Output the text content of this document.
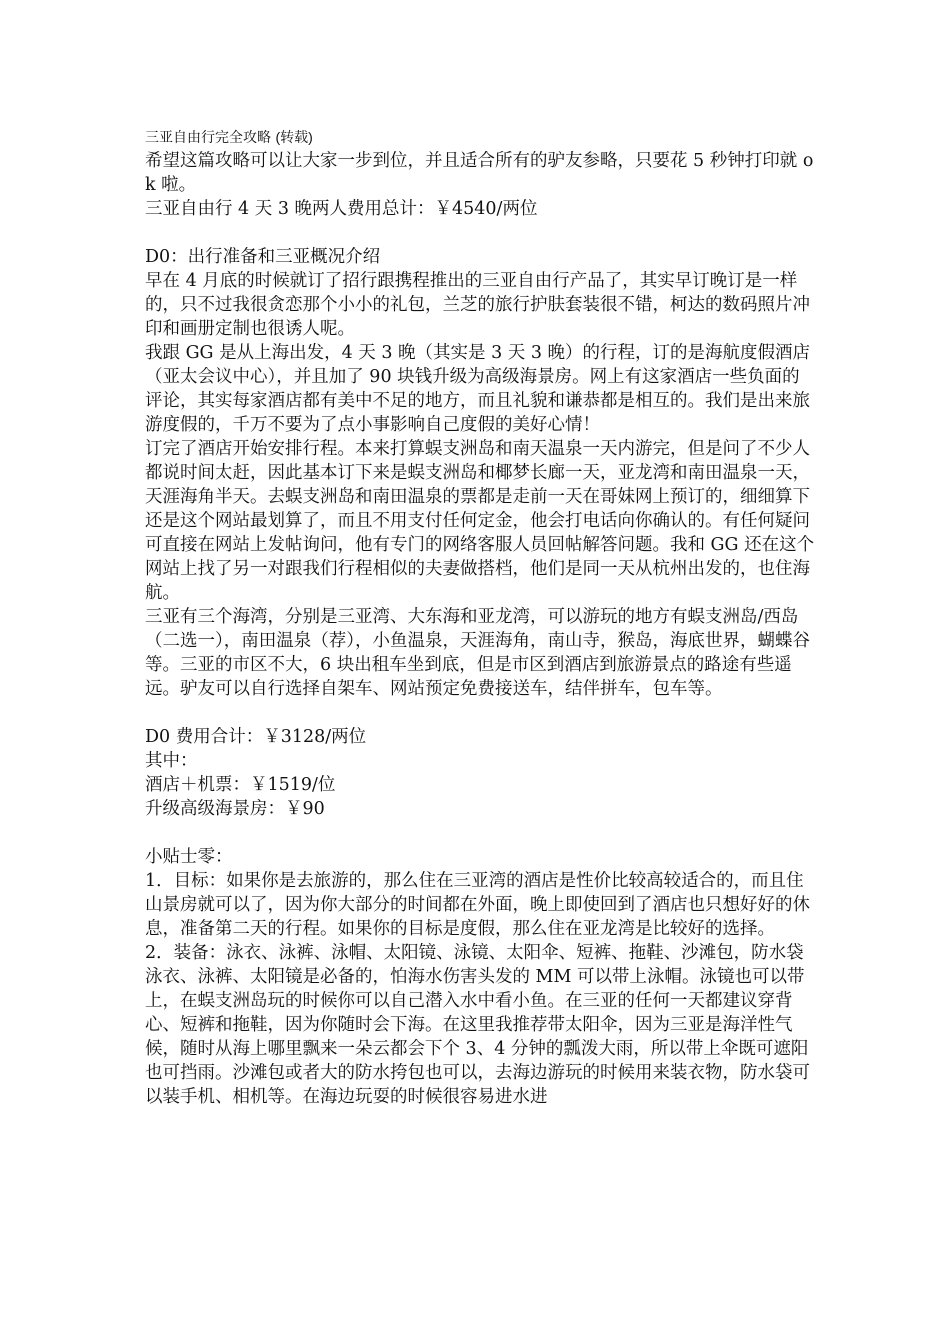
三亚自由行完全攻略 (转载)

希望这篇攻略可以让大家一步到位，并且适合所有的驴友参略，只要花 5 秒钟打印就 ok 啦。

三亚自由行 4 天 3 晚两人费用总计：￥4540/两位

D0：出行准备和三亚概况介绍

早在 4 月底的时候就订了招行跟携程推出的三亚自由行产品了，其实早订晚订是一样的，只不过我很贪恋那个小小的礼包，兰芝的旅行护肤套装很不错，柯达的数码照片冲印和画册定制也很诱人呢。

我跟 GG 是从上海出发，4 天 3 晚（其实是 3 天 3 晚）的行程，订的是海航度假酒店（亚太会议中心），并且加了 90 块钱升级为高级海景房。网上有这家酒店一些负面的评论，其实每家酒店都有美中不足的地方，而且礼貌和谦恭都是相互的。我们是出来旅游度假的，千万不要为了点小事影响自己度假的美好心情！

订完了酒店开始安排行程。本来打算蜈支洲岛和南天温泉一天内游完，但是问了不少人都说时间太赶，因此基本订下来是蜈支洲岛和椰梦长廊一天，亚龙湾和南田温泉一天，天涯海角半天。去蜈支洲岛和南田温泉的票都是走前一天在哥妹网上预订的，细细算下还是这个网站最划算了，而且不用支付任何定金，他会打电话向你确认的。有任何疑问可直接在网站上发帖询问，他有专门的网络客服人员回帖解答问题。我和 GG 还在这个网站上找了另一对跟我们行程相似的夫妻做搭档，他们是同一天从杭州出发的，也住海航。

三亚有三个海湾，分别是三亚湾、大东海和亚龙湾，可以游玩的地方有蜈支洲岛/西岛（二选一），南田温泉（荐），小鱼温泉，天涯海角，南山寺，猴岛，海底世界，蝴蝶谷等。三亚的市区不大，6 块出租车坐到底，但是市区到酒店到旅游景点的路途有些遥远。驴友可以自行选择自架车、网站预定免费接送车，结伴拼车，包车等。

D0 费用合计：￥3128/两位

其中：

酒店＋机票：￥1519/位

升级高级海景房：￥90

小贴士零：

1．目标：如果你是去旅游的，那么住在三亚湾的酒店是性价比较高较适合的，而且住山景房就可以了，因为你大部分的时间都在外面，晚上即使回到了酒店也只想好好的休息，准备第二天的行程。如果你的目标是度假，那么住在亚龙湾是比较好的选择。

2．装备：泳衣、泳裤、泳帽、太阳镜、泳镜、太阳伞、短裤、拖鞋、沙滩包，防水袋

泳衣、泳裤、太阳镜是必备的，怕海水伤害头发的 MM 可以带上泳帽。泳镜也可以带上，在蜈支洲岛玩的时候你可以自己潜入水中看小鱼。在三亚的任何一天都建议穿背心、短裤和拖鞋，因为你随时会下海。在这里我推荐带太阳伞，因为三亚是海洋性气候，随时从海上哪里飘来一朵云都会下个 3、4 分钟的瓢泼大雨，所以带上伞既可遮阳也可挡雨。沙滩包或者大的防水挎包也可以，去海边游玩的时候用来装衣物，防水袋可以装手机、相机等。在海边玩耍的时候很容易进水进
